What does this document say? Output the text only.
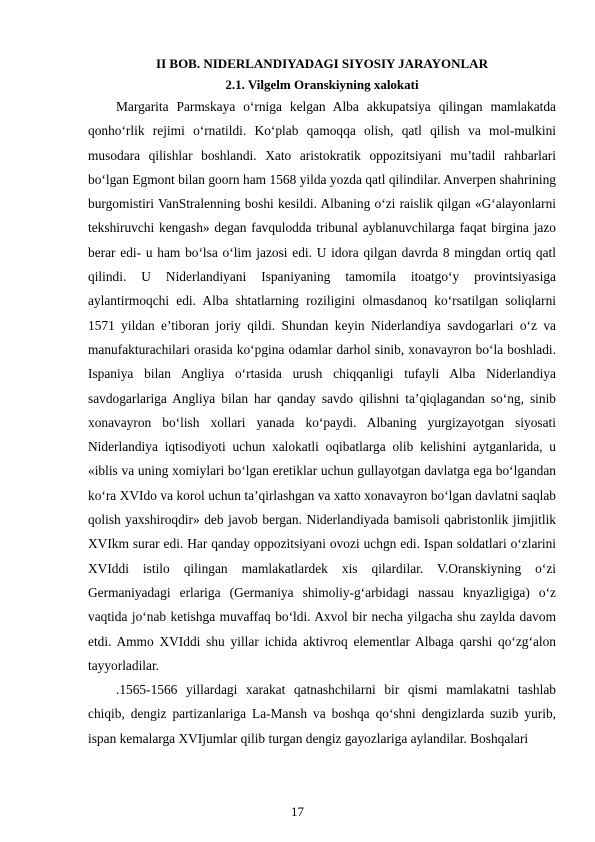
II BOB. NIDERLANDIYADAGI SIYOSIY JARAYONLAR
2.1. Vilgelm Oranskiyning xalokati

Margarita Parmskaya o‘rniga kelgan Alba akkupatsiya qilingan mamlakatda qonho‘rlik rejimi o‘rnatildi. Ko‘plab qamoqqa olish, qatl qilish va mol-mulkini musodara qilishlar boshlandi. Xato aristokratik oppozitsiyani mu’tadil rahbarlari bo‘lgan Egmont bilan goorn ham 1568 yilda yozda qatl qilindilar. Anverpen shahrining burgomistiri VanStralenning boshi kesildi. Albaning o‘zi raislik qilgan «G‘alayonlarni tekshiruvchi kengash» degan favqulodda tribunal ayblanuvchilarga faqat birgina jazo berar edi- u ham bo‘lsa o‘lim jazosi edi. U idora qilgan davrda 8 mingdan ortiq qatl qilindi. U Niderlandiyani Ispaniyaning tamomila itoatgo‘y provintsiyasiga aylantirmoqchi edi. Alba shtatlarning roziligini olmasdanoq ko‘rsatilgan soliqlarni 1571 yildan e’tiboran joriy qildi. Shundan keyin Niderlandiya savdogarlari o‘z va manufakturachilari orasida ko‘pgina odamlar darhol sinib, xonavayron bo‘la boshladi. Ispaniya bilan Angliya o‘rtasida urush chiqqanligi tufayli Alba Niderlandiya savdogarlariga Angliya bilan har qanday savdo qilishni ta’qiqlagandan so‘ng, sinib xonavayron bo‘lish xollari yanada ko‘paydi. Albaning yurgizayotgan siyosati Niderlandiya iqtisodiyoti uchun xalokatli oqibatlarga olib kelishini aytganlarida, u «iblis va uning xomiylari bo‘lgan eretiklar uchun gullayotgan davlatga ega bo‘lgandan ko‘ra XVIdo va korol uchun ta’qirlashgan va xatto xonavayron bo‘lgan davlatni saqlab qolish yaxshiroqdir» deb javob bergan. Niderlandiyada bamisoli qabristonlik jimjitlik XVIkm surar edi. Har qanday oppozitsiyani ovozi uchgn edi. Ispan soldatlari o‘zlarini XVIddi istilo qilingan mamlakatlardek xis qilardilar. V.Oranskiyning o‘zi Germaniyadagi erlariga (Germaniya shimoliy-g‘arbidagi nassau knyazligiga) o‘z vaqtida jo‘nab ketishga muvaffaq bo‘ldi. Axvol bir necha yilgacha shu zaylda davom etdi. Ammo XVIddi shu yillar ichida aktivroq elementlar Albaga qarshi qo‘zg‘alon tayyorladilar.

.1565-1566 yillardagi xarakat qatnashchilarni bir qismi mamlakatni tashlab chiqib, dengiz partizanlariga La-Mansh va boshqa qo‘shni dengizlarda suzib yurib, ispan kemalarga XVIjumlar qilib turgan dengiz gayozlariga aylandilar. Boshqalari

17
